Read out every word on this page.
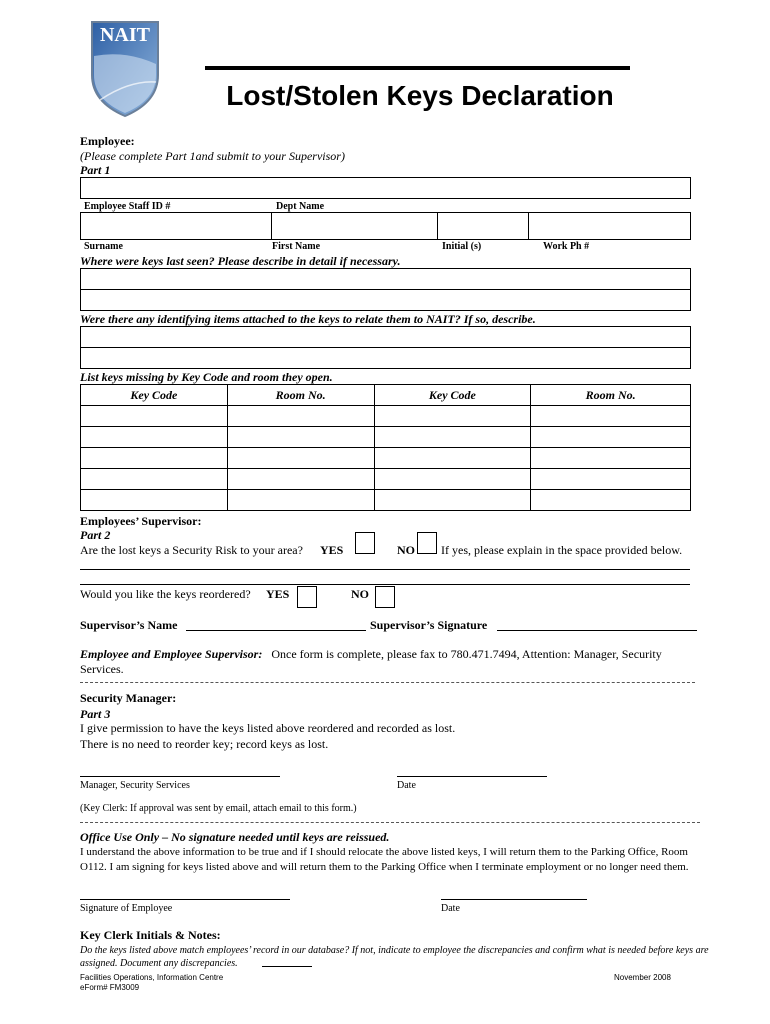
NAIT
Lost/Stolen Keys Declaration
Employee:
(Please complete Part 1and submit to your Supervisor)
Part 1
Employee Staff ID #	Dept Name
Surname	First Name	Initial (s)	Work Ph #
Where were keys last seen? Please describe in detail if necessary.
Were there any identifying items attached to the keys to relate them to NAIT? If so, describe.
List keys missing by Key Code and room they open.
Key Code	Room No.	Key Code	Room No.

Employees’ Supervisor:
Part 2
Are the lost keys a Security Risk to your area? YES	NO If yes, please explain in the space provided below.
Would you like the keys reordered? YES	NO
Supervisor’s Name	Supervisor’s Signature
Employee and Employee Supervisor: Once form is complete, please fax to 780.471.7494, Attention: Manager, Security Services.
Security Manager:
Part 3
I give permission to have the keys listed above reordered and recorded as lost.
There is no need to reorder key; record keys as lost.
Manager, Security Services	Date
(Key Clerk: If approval was sent by email, attach email to this form.)
Office Use Only – No signature needed until keys are reissued.
I understand the above information to be true and if I should relocate the above listed keys, I will return them to the Parking Office, Room O112. I am signing for keys listed above and will return them to the Parking Office when I terminate employment or no longer need them.
Signature of Employee	Date
Key Clerk Initials & Notes:
Do the keys listed above match employees’ record in our database? If not, indicate to employee the discrepancies and confirm what is needed before keys are assigned. Document any discrepancies.
Facilities Operations, Information Centre
eForm# FM3009
November 2008
